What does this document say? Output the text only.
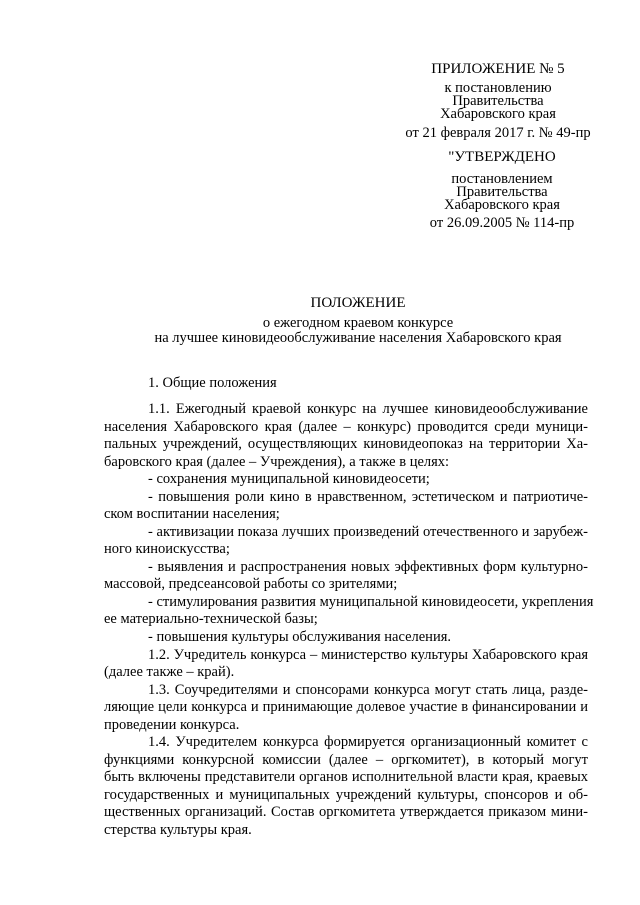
ПРИЛОЖЕНИЕ № 5
к постановлению
Правительства
Хабаровского края
от 21 февраля 2017 г. № 49-пр
"УТВЕРЖДЕНО
постановлением
Правительства
Хабаровского края
от 26.09.2005 № 114-пр
ПОЛОЖЕНИЕ
о ежегодном краевом конкурсе
на лучшее киновидеообслуживание населения Хабаровского края
1. Общие положения
1.1. Ежегодный краевой конкурс на лучшее киновидеообслуживание
населения Хабаровского края (далее – конкурс) проводится среди муници-
пальных учреждений, осуществляющих киновидеопоказ на территории Ха-
баровского края (далее – Учреждения), а также в целях:
- сохранения муниципальной киновидеосети;
- повышения роли кино в нравственном, эстетическом и патриотиче-
ском воспитании населения;
- активизации показа лучших произведений отечественного и зарубеж-
ного киноискусства;
- выявления и распространения новых эффективных форм культурно-
массовой, предсеансовой работы со зрителями;
- стимулирования развития муниципальной киновидеосети, укрепления
ее материально-технической базы;
- повышения культуры обслуживания населения.
1.2. Учредитель конкурса – министерство культуры Хабаровского края
(далее также – край).
1.3. Соучредителями и спонсорами конкурса могут стать лица, разде-
ляющие цели конкурса и принимающие долевое участие в финансировании и
проведении конкурса.
1.4. Учредителем конкурса формируется организационный комитет с
функциями конкурсной комиссии (далее – оргкомитет), в который могут
быть включены представители органов исполнительной власти края, краевых
государственных и муниципальных учреждений культуры, спонсоров и об-
щественных организаций. Состав оргкомитета утверждается приказом мини-
стерства культуры края.
